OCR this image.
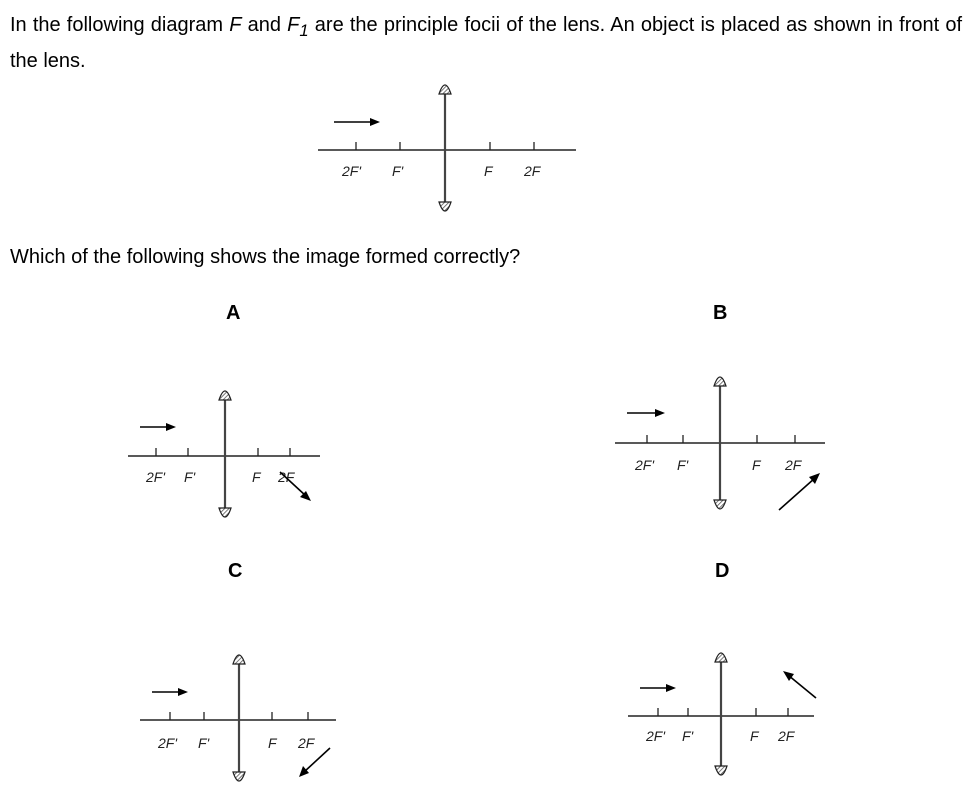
In the following diagram F and $F_1$ are the principle focii of the lens. An object is placed as shown in front of the lens.

2F' F'	F 2F

Which of the following shows the image formed correctly?

A	B

C	D

2F' F'	F 2F
2F' F'	F 2F
2F' F'	F 2F	2F' F'	F 2F
